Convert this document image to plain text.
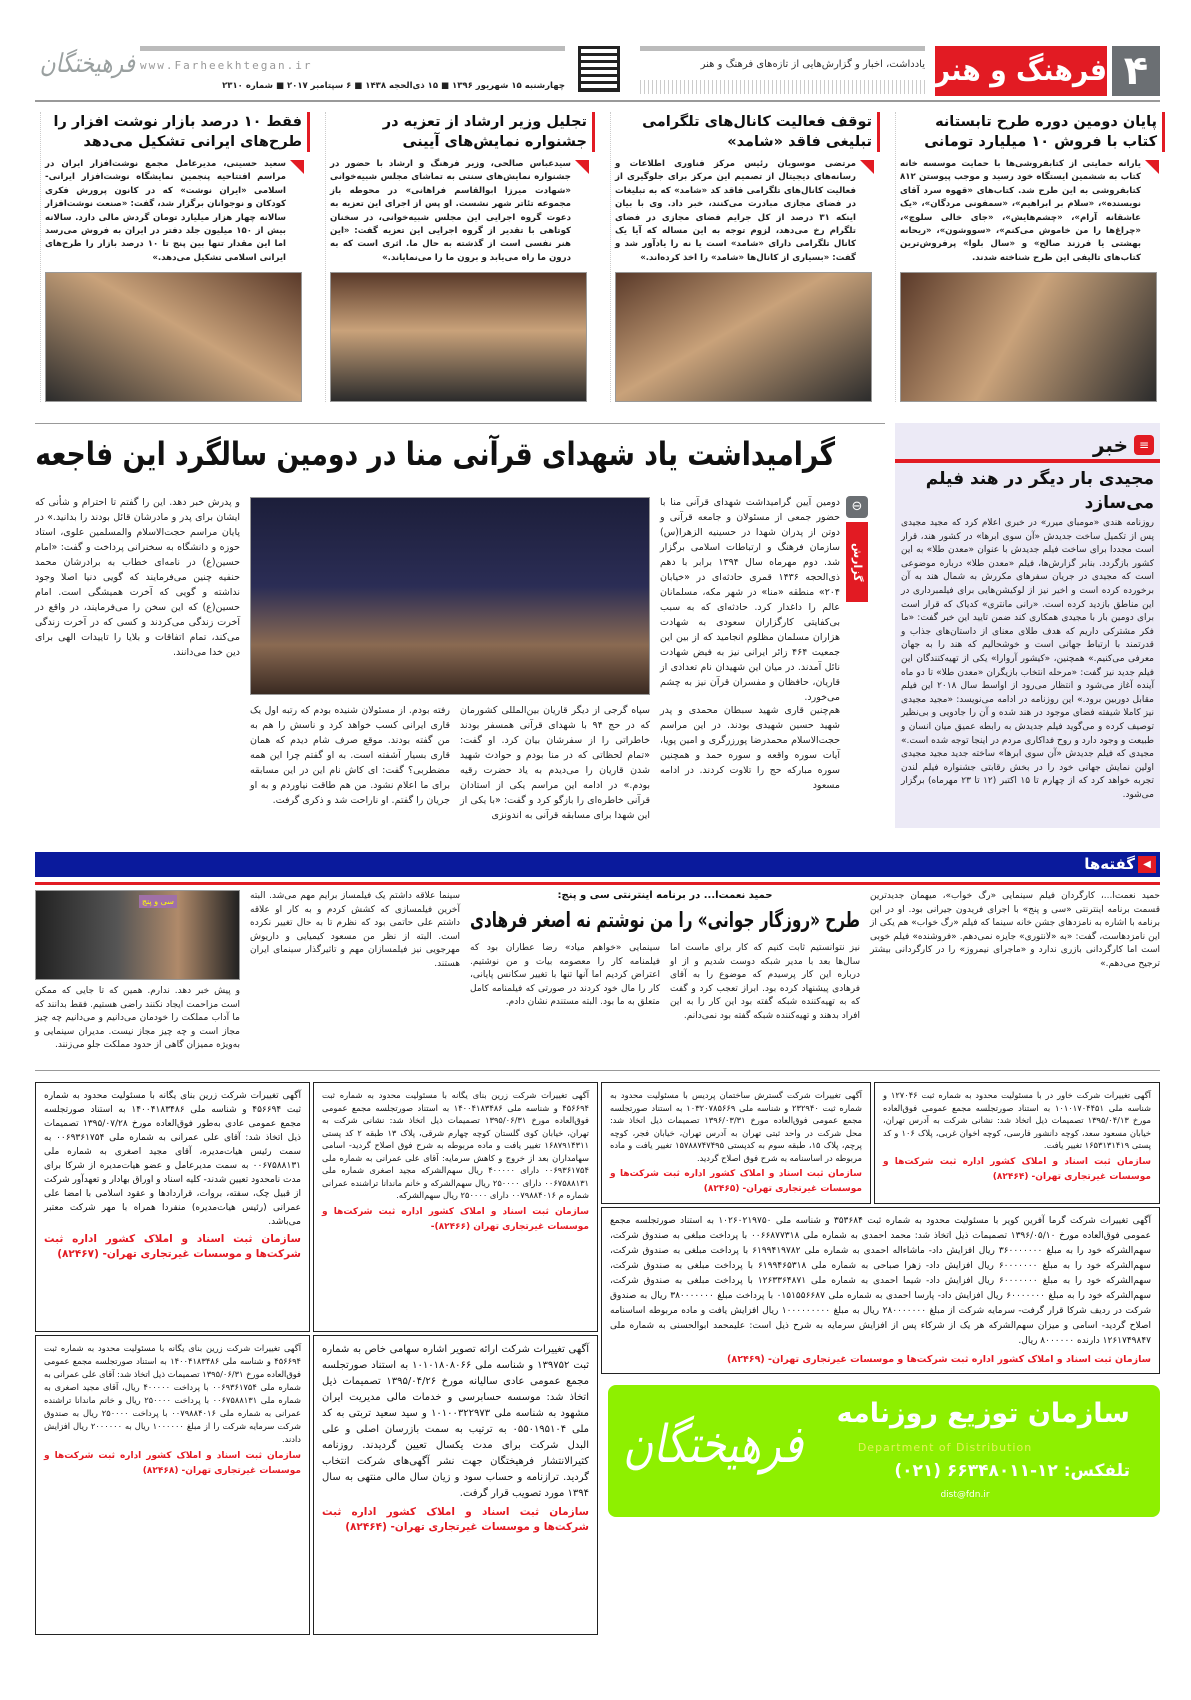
۴
فرهنگ و هنر
یادداشت، اخبار و گزارش‌هایی از تازه‌های فرهنگ و هنر
www.Farheekhtegan.ir
چهارشنبه ۱۵ شهریور ۱۳۹۶ ■ ۱۵ ذی‌الحجه ۱۴۳۸ ■ ۶ سپتامبر ۲۰۱۷ ■ شماره ۲۳۱۰
فرهیختگان
پایان دومین دوره طرح تابستانه کتاب با فروش ۱۰ میلیارد تومانی
یارانه حمایتی از کتابفروشی‌ها با حمایت موسسه خانه کتاب به ششمین ایستگاه خود رسید و موجب پیوستن ۸۱۲ کتابفروشی به این طرح شد. کتاب‌های «قهوه سرد آقای نویسنده»، «سلام بر ابراهیم»، «سمفونی مردگان»، «یک عاشقانه آرام»، «چشم‌هایش»، «جای خالی سلوچ»، «چراغ‌ها را من خاموش می‌کنم»، «سووشون»، «ریحانه بهشتی یا فرزند صالح» و «سال بلوا» پرفروش‌ترین کتاب‌های تالیفی این طرح شناخته شدند.
توقف فعالیت کانال‌های تلگرامی تبلیغی فاقد «شامد»
مرتضی موسویان رئیس مرکز فناوری اطلاعات و رسانه‌های دیجیتال از تصمیم این مرکز برای جلوگیری از فعالیت کانال‌های تلگرامی فاقد کد «شامد» که به تبلیغات در فضای مجازی مبادرت می‌کنند، خبر داد. وی با بیان اینکه ۳۱ درصد از کل جرایم فضای مجازی در فضای تلگرام رخ می‌دهد، لزوم توجه به این مساله که آیا یک کانال تلگرامی دارای «شامد» است یا نه را یادآور شد و گفت: «بسیاری از کانال‌ها «شامد» را اخذ کرده‌اند.»
تجلیل وزیر ارشاد از تعزیه در جشنواره نمایش‌های آیینی
سیدعباس صالحی، وزیر فرهنگ و ارشاد با حضور در جشنواره نمایش‌های سنتی به تماشای مجلس شبیه‌خوانی «شهادت میرزا ابوالقاسم فراهانی» در محوطه باز مجموعه تئاتر شهر نشست. او پس از اجرای این تعزیه به دعوت گروه اجرایی این مجلس شبیه‌خوانی، در سخنان کوتاهی با تقدیر از گروه اجرایی این تعزیه گفت: «این هنر نفسی است از گذشته به حال ما. اثری است که به درون ما راه می‌یابد و برون ما را می‌نمایاند.»
فقط ۱۰ درصد بازار نوشت افزار را طرح‌های ایرانی تشکیل می‌دهد
سعید حسینی، مدیرعامل مجمع نوشت‌افزار ایران در مراسم افتتاحیه پنجمین نمایشگاه نوشت‌افزار ایرانی-اسلامی «ایران نوشت» که در کانون پرورش فکری کودکان و نوجوانان برگزار شد، گفت: «صنعت نوشت‌افزار سالانه چهار هزار میلیارد تومان گردش مالی دارد. سالانه بیش از ۱۵۰ میلیون جلد دفتر در ایران به فروش می‌رسد اما این مقدار تنها بین پنج تا ۱۰ درصد بازار را طرح‌های ایرانی اسلامی تشکیل می‌دهد.»
≡
خبر
مجیدی بار دیگر در هند فیلم می‌سازد
روزنامه هندی «مومبای میرر» در خبری اعلام کرد که مجید مجیدی پس از تکمیل ساخت جدیدش «آن سوی ابرها» در کشور هند، قرار است مجددا برای ساخت فیلم جدیدش با عنوان «معدن طلا» به این کشور بازگردد. بنابر گزارش‌ها، فیلم «معدن طلا» درباره موضوعی است که مجیدی در جریان سفرهای مکررش به شمال هند به آن برخورده کرده است و اخیر نیز از لوکیشن‌هایی برای فیلمبرداری در این مناطق بازدید کرده است. «رانی مانتری» کدیاک که قرار است برای دومین بار با مجیدی همکاری کند ضمن تایید این خبر گفت: «ما فکر مشترکی داریم که هدف طلای معنای از داستان‌های جذاب و قدرتمند با ارتباط جهانی است و خوشحالیم که هند را به جهان معرفی می‌کنیم.» همچنین، «کیشور آروارا» یکی از تهیه‌کنندگان این فیلم جدید نیز گفت: «مرحله انتخاب بازیگران «معدن طلا» تا دو ماه آینده آغاز می‌شود و انتظار می‌رود از اواسط سال ۲۰۱۸ این فیلم مقابل دوربین برود.» این روزنامه در ادامه می‌نویسد: «مجید مجیدی نیز کاملا شیفته فضای موجود در هند شده و آن را جادویی و بی‌نظیر توصیف کرده و می‌گوید فیلم جدیدش به رابطه عمیق میان انسان و طبیعت و وجود دارد و روح فداکاری مردم در اینجا توجه شده است.» مجیدی که فیلم جدیدش «آن سوی ابرها» ساخته جدید مجید مجیدی اولین نمایش جهانی خود را در بخش رقابتی جشنواره فیلم لندن تجربه خواهد کرد که از چهارم تا ۱۵ اکتبر (۱۲ تا ۲۳ مهرماه) برگزار می‌شود.
گرامیداشت یاد شهدای قرآنی منا در دومین سالگرد این فاجعه
⊖
گزارش
دومین آیین گرامیداشت شهدای قرآنی منا با حضور جمعی از مسئولان و جامعه قرآنی و دوتن از پدران شهدا در حسینیه الزهرا(س) سازمان فرهنگ و ارتباطات اسلامی برگزار شد. دوم مهرماه سال ۱۳۹۴ برابر با دهم ذی‌الحجه ۱۴۳۶ قمری حادثه‌ای در «خیابان ۲۰۴» منطقه «منا» در شهر مکه، مسلمانان عالم را داغدار کرد. حادثه‌ای که به سبب بی‌کفایتی کارگزاران سعودی به شهادت هزاران مسلمان مظلوم انجامید که از بین این جمعیت ۴۶۴ زائر ایرانی نیز به فیض شهادت نائل آمدند. در میان این شهیدان نام تعدادی از قاریان، حافظان و مفسران قرآن نیز به چشم می‌خورد.
و پدرش خبر دهد. این را گفتم تا احترام و شأنی که ایشان برای پدر و مادرشان قائل بودند را بدانید.» در پایان مراسم حجت‌الاسلام والمسلمین علوی، استاد حوزه و دانشگاه به سخنرانی پرداخت و گفت: «امام حسین(ع) در نامه‌ای خطاب به برادرشان محمد حنفیه چنین می‌فرمایند که گویی دنیا اصلا وجود نداشته و گویی که آخرت همیشگی است. امام حسین(ع) که این سخن را می‌فرمایند، در واقع در آخرت زندگی می‌کردند و کسی که در آخرت زندگی می‌کند، تمام اتفاقات و بلایا را تاییدات الهی برای دین خدا می‌دانند.
سپاه گرجی از دیگر قاریان بین‌المللی کشورمان که در حج ۹۴ با شهدای قرآنی همسفر بودند خاطراتی را از سفرشان بیان کرد. او گفت: «تمام لحظاتی که در منا بودم و حوادث شهید شدن قاریان را می‌دیدم به یاد حضرت رقیه بودم.» در ادامه این مراسم یکی از استادان قرآنی خاطره‌ای را بازگو کرد و گفت: «با یکی از این شهدا برای مسابقه قرآنی به اندونزی
رفته بودم. از مسئولان شنیده بودم که رتبه اول یک قاری ایرانی کسب خواهد کرد و ناسش را هم به من گفته بودند. موقع صرف شام دیدم که همان قاری بسیار آشفته است. به او گفتم چرا این همه مضطربی؟ گفت: ای کاش نام این در این مسابقه برای ما اعلام نشود. من هم طاقت نیاوردم و به او جریان را گفتم. او ناراحت شد و ذکری گرفت.
هم‌چنین قاری شهید سبطان محمدی و پدر شهید حسین شهیدی بودند. در این مراسم حجت‌الاسلام محمدرضا پورزرگری و امین پویا، آیات سوره واقعه و سوره حمد و همچنین سوره مبارکه حج را تلاوت کردند. در ادامه مسعود
◀
گفته‌ها
حمید نعمت‌ا... در برنامه اینترنتی سی و پنج:
طرح «روزگار جوانی» را من نوشتم نه اصغر فرهادی
حمید نعمت‌ا...، کارگردان فیلم سینمایی «رگ خواب»، میهمان جدیدترین قسمت برنامه اینترنتی «سی و پنج» با اجرای فریدون جیرانی بود. او در این برنامه با اشاره به نامزدهای جشن خانه سینما که فیلم «رگ خواب» هم یکی از این نامزدهاست، گفت: «به «لانتوری» جایزه نمی‌دهم. «فروشنده» فیلم خوبی است اما کارگردانی بازری ندارد و «ماجرای نیمروز» را در کارگردانی بیشتر ترجیح می‌دهم.»
نیز نتوانستیم ثابت کنیم که کار برای ماست اما سال‌ها بعد با مدیر شبکه دوست شدیم و از او درباره این کار پرسیدم که موضوع را به آقای فرهادی پیشنهاد کرده بود. ابراز تعجب کرد و گفت که به تهیه‌کننده شبکه گفته بود این کار را به این افراد بدهند و تهیه‌کننده شبکه گفته بود نمی‌دانم.
سینمایی «خواهم میاد» رضا عطاران بود که فیلمنامه کار را معصومه بیات و من نوشتیم. اعتراض کردیم اما آنها تنها با تغییر سکانس پایانی، کار را مال خود کردند در صورتی که فیلمنامه کامل متعلق به ما بود. البته مستندم نشان دادم.
سینما علاقه داشتم یک فیلمساز برایم مهم می‌شد. البته آخرین فیلمسازی که کشش کردم و به کار او علاقه داشتم علی حاتمی بود که نظرم تا به حال تغییر نکرده است. البته از نظر من مسعود کیمیایی و داریوش مهرجویی نیز فیلمسازان مهم و تاثیرگذار سینمای ایران هستند.
سی و پنج
و پیش خبر دهد. ندارم. همین که تا جایی که ممکن است مزاحمت ایجاد نکنند راضی هستیم. فقط بدانند که ما آداب مملکت را خودمان می‌دانیم و می‌دانیم چه چیز مجاز است و چه چیز مجاز نیست. مدیران سینمایی و به‌ویژه ممیزان گاهی از حدود مملکت جلو می‌زنند.
آگهی تغییرات شرکت زرین بنای یگانه با مسئولیت محدود به شماره ثبت ۴۵۶۶۹۴ و شناسه ملی ۱۴۰۰۴۱۸۳۴۸۶ به استناد صورتجلسه مجمع عمومی عادی به‌طور فوق‌العاده مورخ ۱۳۹۵/۰۷/۲۸ تصمیمات ذیل اتخاذ شد: آقای علی عمرانی به شماره ملی ۰۰۶۹۳۶۱۷۵۴ به سمت رئیس هیات‌مدیره، آقای مجید اصغری به شماره ملی ۰۰۶۷۵۸۸۱۳۱ به سمت مدیرعامل و عضو هیات‌مدیره از شرکا برای مدت نامحدود تعیین شدند- کلیه اسناد و اوراق بهادار و تعهدآور شرکت از قبیل چک، سفته، بروات، قراردادها و عقود اسلامی با امضا علی عمرانی (رئیس هیات‌مدیره) منفردا همراه با مهر شرکت معتبر می‌باشد.
سازمان ثبت اسناد و املاک کشور اداره ثبت شرکت‌ها و موسسات غیرتجاری تهران- (۸۲۴۶۷)
آگهی تغییرات شرکت زرین بنای یگانه با مسئولیت محدود به شماره ثبت ۴۵۶۶۹۴ و شناسه ملی ۱۴۰۰۴۱۸۳۴۸۶ به استناد صورتجلسه مجمع عمومی فوق‌العاده مورخ ۱۳۹۵/۰۶/۳۱ تصمیمات ذیل اتخاذ شد: آقای علی عمرانی به شماره ملی ۰۰۶۹۳۶۱۷۵۴ با پرداخت ۴۰۰۰۰۰ ریال، آقای مجید اصغری به شماره ملی ۰۰۶۷۵۸۸۱۳۱ با پرداخت ۲۵۰۰۰۰ ریال و خانم ماندانا تراشنده عمرانی به شماره ملی ۰۰۷۹۸۸۴۰۱۶ با پرداخت ۲۵۰۰۰۰ ریال به صندوق شرکت سرمایه شرکت را از مبلغ ۱۰۰۰۰۰۰ ریال به ۲۰۰۰۰۰۰ ریال افزایش دادند.
سازمان ثبت اسناد و املاک کشور اداره ثبت شرکت‌ها و موسسات غیرتجاری تهران- (۸۲۴۶۸)
آگهی تغییرات شرکت زرین بنای یگانه با مسئولیت محدود به شماره ثبت ۴۵۶۶۹۴ و شناسه ملی ۱۴۰۰۴۱۸۳۴۸۶ به استناد صورتجلسه مجمع عمومی فوق‌العاده مورخ ۱۳۹۵/۰۶/۳۱ تصمیمات ذیل اتخاذ شد: نشانی شرکت به تهران، خیابان کوی گلستان کوچه چهارم شرقی، پلاک ۱۳ طبقه ۲ کد پستی ۱۶۸۷۹۱۴۳۱۱ تغییر یافت و ماده مربوطه به شرح فوق اصلاح گردید- اسامی سهامداران بعد از خروج و کاهش سرمایه: آقای علی عمرانی به شماره ملی ۰۰۶۹۳۶۱۷۵۴ دارای ۴۰۰۰۰۰ ریال سهم‌الشرکه مجید اصغری شماره ملی ۰۰۶۷۵۸۸۱۳۱ دارای ۲۵۰۰۰۰ ریال سهم‌الشرکه و خانم ماندانا تراشنده عمرانی شماره م ۰۰۷۹۸۸۴۰۱۶ دارای ۲۵۰۰۰۰ ریال سهم‌الشرکه.
سازمان ثبت اسناد و املاک کشور اداره ثبت شرکت‌ها و موسسات غیرتجاری تهران (۸۲۴۶۶)-
آگهی تغییرات شرکت ارائه تصویر اشاره سهامی خاص به شماره ثبت ۱۳۹۷۵۲ و شناسه ملی ۱۰۱۰۱۸۰۸۰۶۶ به استناد صورتجلسه مجمع عمومی عادی سالیانه مورخ ۱۳۹۵/۰۴/۲۶ تصمیمات ذیل اتخاذ شد: موسسه حسابرسی و خدمات مالی مدیریت ایران مشهود به شناسه ملی ۱۰۱۰۰۳۲۲۹۷۳ و سید سعید تربتی به کد ملی ۰۵۵۰۱۹۵۱۰۴ به ترتیب به سمت بازرسان اصلی و علی البدل شرکت برای مدت یکسال تعیین گردیدند. روزنامه کثیرالانتشار فرهیختگان جهت نشر آگهی‌های شرکت انتخاب گردید. ترازنامه و حساب سود و زیان سال مالی منتهی به سال ۱۳۹۴ مورد تصویب قرار گرفت.
سازمان ثبت اسناد و املاک کشور اداره ثبت شرکت‌ها و موسسات غیرتجاری تهران- (۸۲۴۶۴)
آگهی تغییرات شرکت خاور در با مسئولیت محدود به شماره ثبت ۱۲۷۰۴۶ و شناسه ملی ۱۰۱۰۱۷۰۴۴۵۱ به استناد صورتجلسه مجمع عمومی فوق‌العاده مورخ ۱۳۹۵/۰۴/۱۳ تصمیمات ذیل اتخاذ شد: نشانی شرکت به آدرس تهران، خیابان مسعود سعد، کوچه دانشور فارسی، کوچه اخوان غربی، پلاک ۱۰۶ و کد پستی ۱۶۵۳۱۳۱۴۱۹ تغییر یافت.
سازمان ثبت اسناد و املاک کشور اداره ثبت شرکت‌ها و موسسات غیرتجاری تهران- (۸۲۴۶۴)
آگهی تغییرات شرکت گسترش ساختمان پردیس با مسئولیت محدود به شماره ثبت ۲۳۲۹۴۰ و شناسه ملی ۱۰۳۲۰۷۸۵۶۶۹ به استناد صورتجلسه مجمع عمومی فوق‌العاده مورخ ۱۳۹۶/۰۳/۳۱ تصمیمات ذیل اتخاذ شد: محل شرکت در واحد ثبتی تهران به آدرس تهران، خیابان فجر، کوچه پرچم، پلاک ۱۵، طبقه سوم به کدپستی ۱۵۷۸۸۷۴۷۴۹۵ تغییر یافت و ماده مربوطه در اساسنامه به شرح فوق اصلاح گردید.
سازمان ثبت اسناد و املاک کشور اداره ثبت شرکت‌ها و موسسات غیرتجاری تهران- (۸۲۴۶۵)
آگهی تغییرات شرکت گرما آفرین کویر با مسئولیت محدود به شماره ثبت ۳۵۳۶۸۴ و شناسه ملی ۱۰۲۶۰۲۱۹۷۵۰ به استناد صورتجلسه مجمع عمومی فوق‌العاده مورخ ۱۳۹۶/۰۵/۱۰ تصمیمات ذیل اتخاذ شد: محمد احمدی به شماره ملی ۰۰۶۶۸۷۷۳۱۸ با پرداخت مبلغی به صندوق شرکت، سهم‌الشرکه خود را به مبلغ ۳۶۰۰۰۰۰۰۰ ریال افزایش داد- ماشاءاله احمدی به شماره ملی ۶۱۹۹۴۱۹۷۸۲ با پرداخت مبلغی به صندوق شرکت، سهم‌الشرکه خود را به مبلغ ۶۰۰۰۰۰۰۰ ریال افزایش داد- زهرا صباحی به شماره ملی ۶۱۹۹۴۶۵۳۱۸ با پرداخت مبلغی به صندوق شرکت، سهم‌الشرکه خود را به مبلغ ۶۰۰۰۰۰۰۰ ریال افزایش داد- شیما احمدی به شماره ملی ۱۲۶۳۳۶۴۸۷۱ با پرداخت مبلغی به صندوق شرکت، سهم‌الشرکه خود را به مبلغ ۶۰۰۰۰۰۰۰ ریال افزایش داد- پارسا احمدی به شماره ملی ۰۱۵۱۵۵۶۶۸۷ با پرداخت مبلغ ۳۸۰۰۰۰۰۰۰ ریال به صندوق شرکت در ردیف شرکا قرار گرفت- سرمایه شرکت از مبلغ ۲۸۰۰۰۰۰۰۰ ریال به مبلغ ۱۰۰۰۰۰۰۰۰۰ ریال افزایش یافت و ماده مربوطه اساسنامه اصلاح گردید- اسامی و میزان سهم‌الشرکه هر یک از شرکاء پس از افزایش سرمایه به شرح ذیل است: علیمحمد ابوالحسنی به شماره ملی ۱۲۶۱۷۴۹۸۴۷ دارنده ۸۰۰۰۰۰۰ ریال.
سازمان ثبت اسناد و املاک کشور اداره ثبت شرکت‌ها و موسسات غیرتجاری تهران- (۸۲۴۶۹)
فرهیختگان
سازمان توزیع روزنامه
Department of Distribution
تلفکس: ۱۲-۶۶۳۴۸۰۱۱ (۰۲۱)
dist@fdn.ir
